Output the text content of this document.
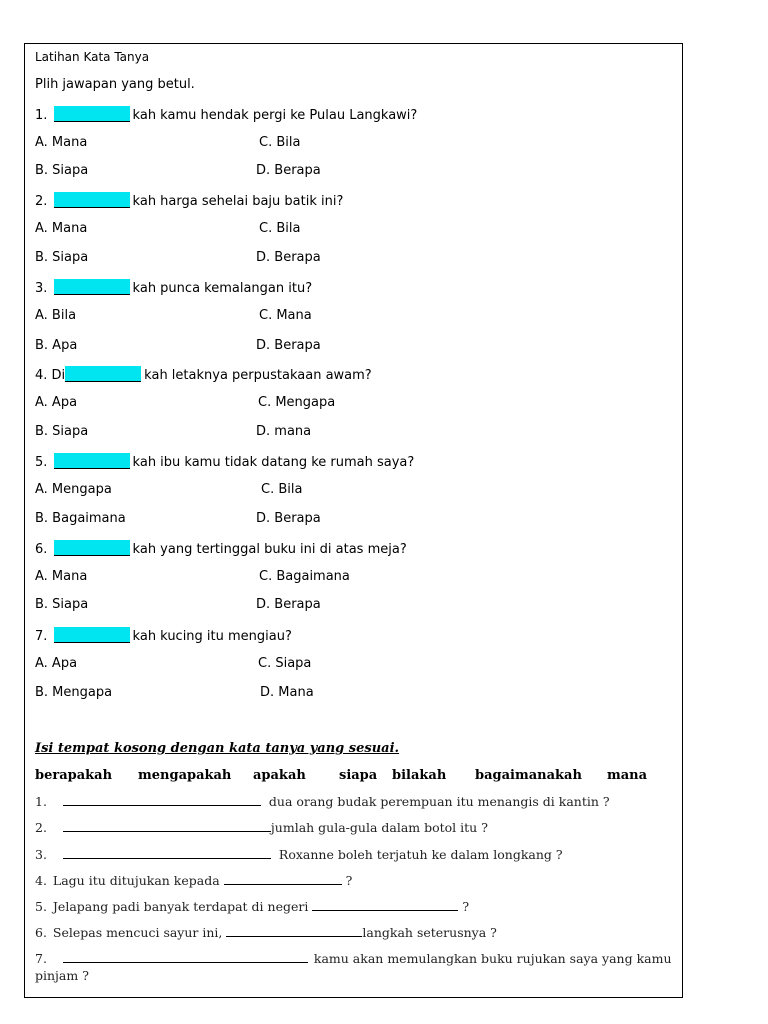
Latihan Kata Tanya
Plih jawapan yang betul.
1.	kah kamu hendak pergi ke Pulau Langkawi?
A. Mana	C. Bila
B. Siapa	D. Berapa
2.	kah harga sehelai baju batik ini?
A. Mana	C. Bila
B. Siapa	D. Berapa
3.	kah punca kemalangan itu?
A. Bila	C. Mana
B. Apa	D. Berapa
4. Di	kah letaknya perpustakaan awam?
A. Apa	C. Mengapa
B. Siapa	D. mana
5.	kah ibu kamu tidak datang ke rumah saya?
A. Mengapa	C. Bila
B. Bagaimana	D. Berapa
6.	kah yang tertinggal buku ini di atas meja?
A. Mana	C. Bagaimana
B. Siapa	D. Berapa
7.	kah kucing itu mengiau?
A. Apa	C. Siapa
B. Mengapa	D. Mana
Isi tempat kosong dengan kata tanya yang sesuai.
berapakah mengapakah apakah	siapa bilakah bagaimanakah mana
1.	dua orang budak perempuan itu menangis di kantin ?
2.	jumlah gula-gula dalam botol itu ?
3.	Roxanne boleh terjatuh ke dalam longkang ?
4. Lagu itu ditujukan kepada	?
5. Jelapang padi banyak terdapat di negeri	?
6. Selepas mencuci sayur ini,	langkah seterusnya ?
7.	kamu akan memulangkan buku rujukan saya yang kamu
pinjam ?
